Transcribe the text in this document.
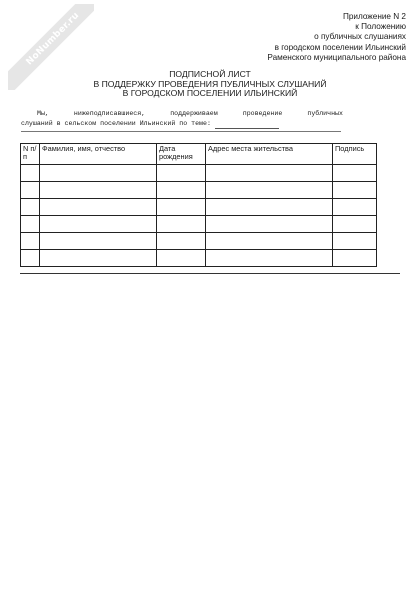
NoNumber.ru	Приложение N 2
к Положению
о публичных слушаниях
в городском поселении Ильинский
Раменского муниципального района
ПОДПИСНОЙ ЛИСТ
В ПОДДЕРЖКУ ПРОВЕДЕНИЯ ПУБЛИЧНЫХ СЛУШАНИЙ
В ГОРОДСКОМ ПОСЕЛЕНИИ ИЛЬИНСКИЙ
Мы,	нижеподписавшиеся,	поддерживаем	проведение	публичных
слушаний в сельском поселении Ильинский по теме:
N п/п	Фамилия, имя, отчество	Дата рождения	Адрес места жительства	Подпись
